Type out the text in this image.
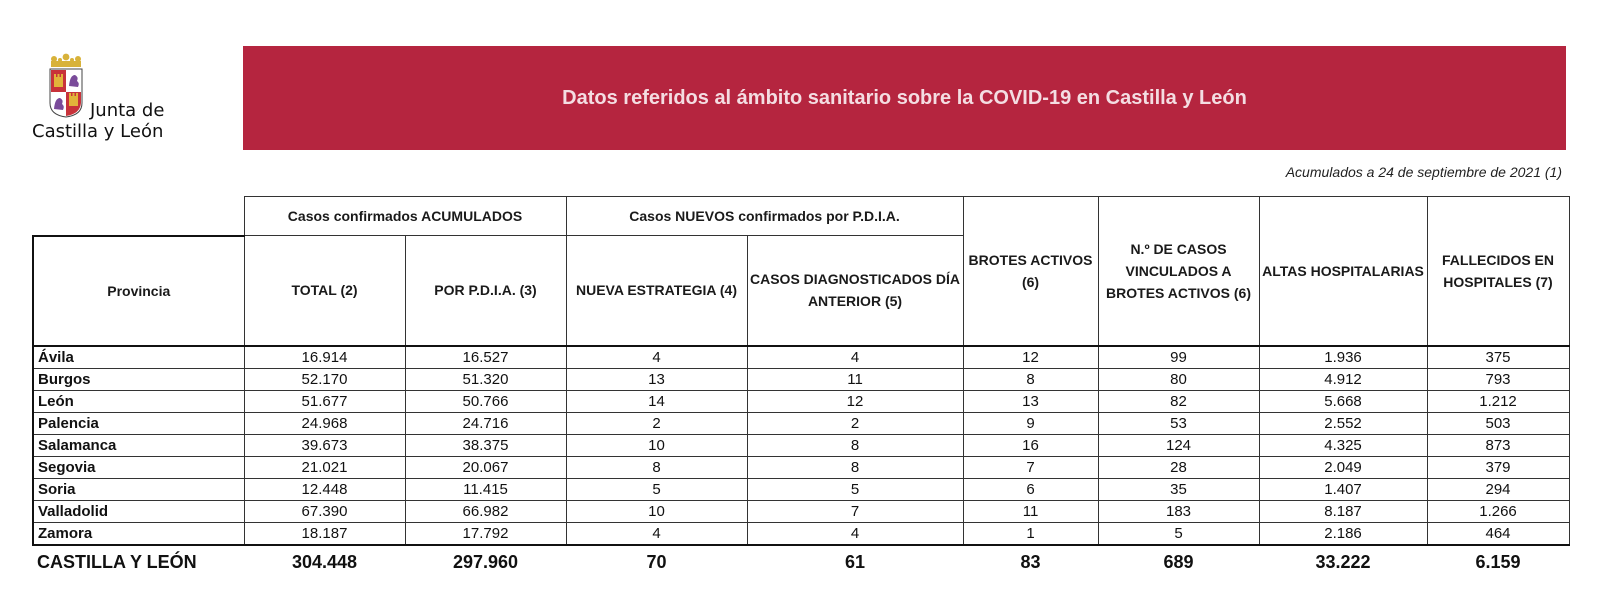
Junta de
Castilla y León
Datos referidos al ámbito sanitario sobre la COVID-19 en Castilla y León
Acumulados a 24 de septiembre de 2021 (1)
	Casos confirmados ACUMULADOS		Casos NUEVOS confirmados por P.D.I.A.		BROTES ACTIVOS (6)	N.º DE CASOS VINCULADOS A BROTES ACTIVOS (6)	ALTAS HOSPITALARIAS	FALLECIDOS EN HOSPITALES (7)
Provincia	TOTAL (2)	POR P.D.I.A. (3)	NUEVA ESTRATEGIA (4)	CASOS DIAGNOSTICADOS DÍA ANTERIOR (5)				
Ávila	16.914	16.527	4	4	12	99	1.936	375
Burgos	52.170	51.320	13	11	8	80	4.912	793
León	51.677	50.766	14	12	13	82	5.668	1.212
Palencia	24.968	24.716	2	2	9	53	2.552	503
Salamanca	39.673	38.375	10	8	16	124	4.325	873
Segovia	21.021	20.067	8	8	7	28	2.049	379
Soria	12.448	11.415	5	5	6	35	1.407	294
Valladolid	67.390	66.982	10	7	11	183	8.187	1.266
Zamora	18.187	17.792	4	4	1	5	2.186	464
CASTILLA Y LEÓN	304.448	297.960	70	61	83	689	33.222	6.159
